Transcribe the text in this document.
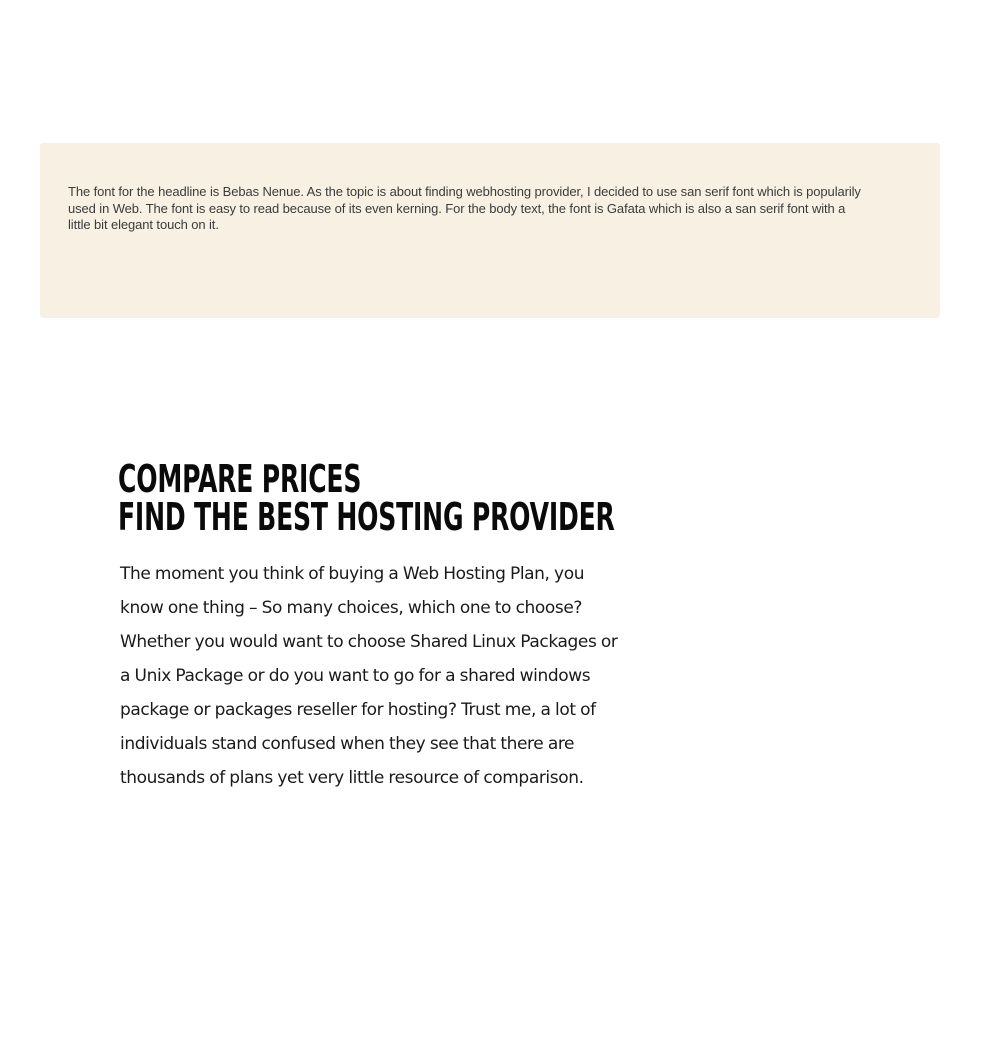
The font for the headline is Bebas Nenue. As the topic is about finding webhosting provider, I decided to use san serif font which is popularily used in Web. The font is easy to read because of its even kerning. For the body text, the font is Gafata which is also a san serif font with a little bit elegant touch on it.

COMPARE PRICES
FIND THE BEST HOSTING PROVIDER

The moment you think of buying a Web Hosting Plan, you know one thing – So many choices, which one to choose? Whether you would want to choose Shared Linux Packages or a Unix Package or do you want to go for a shared windows package or packages reseller for hosting? Trust me, a lot of individuals stand confused when they see that there are thousands of plans yet very little resource of comparison.
